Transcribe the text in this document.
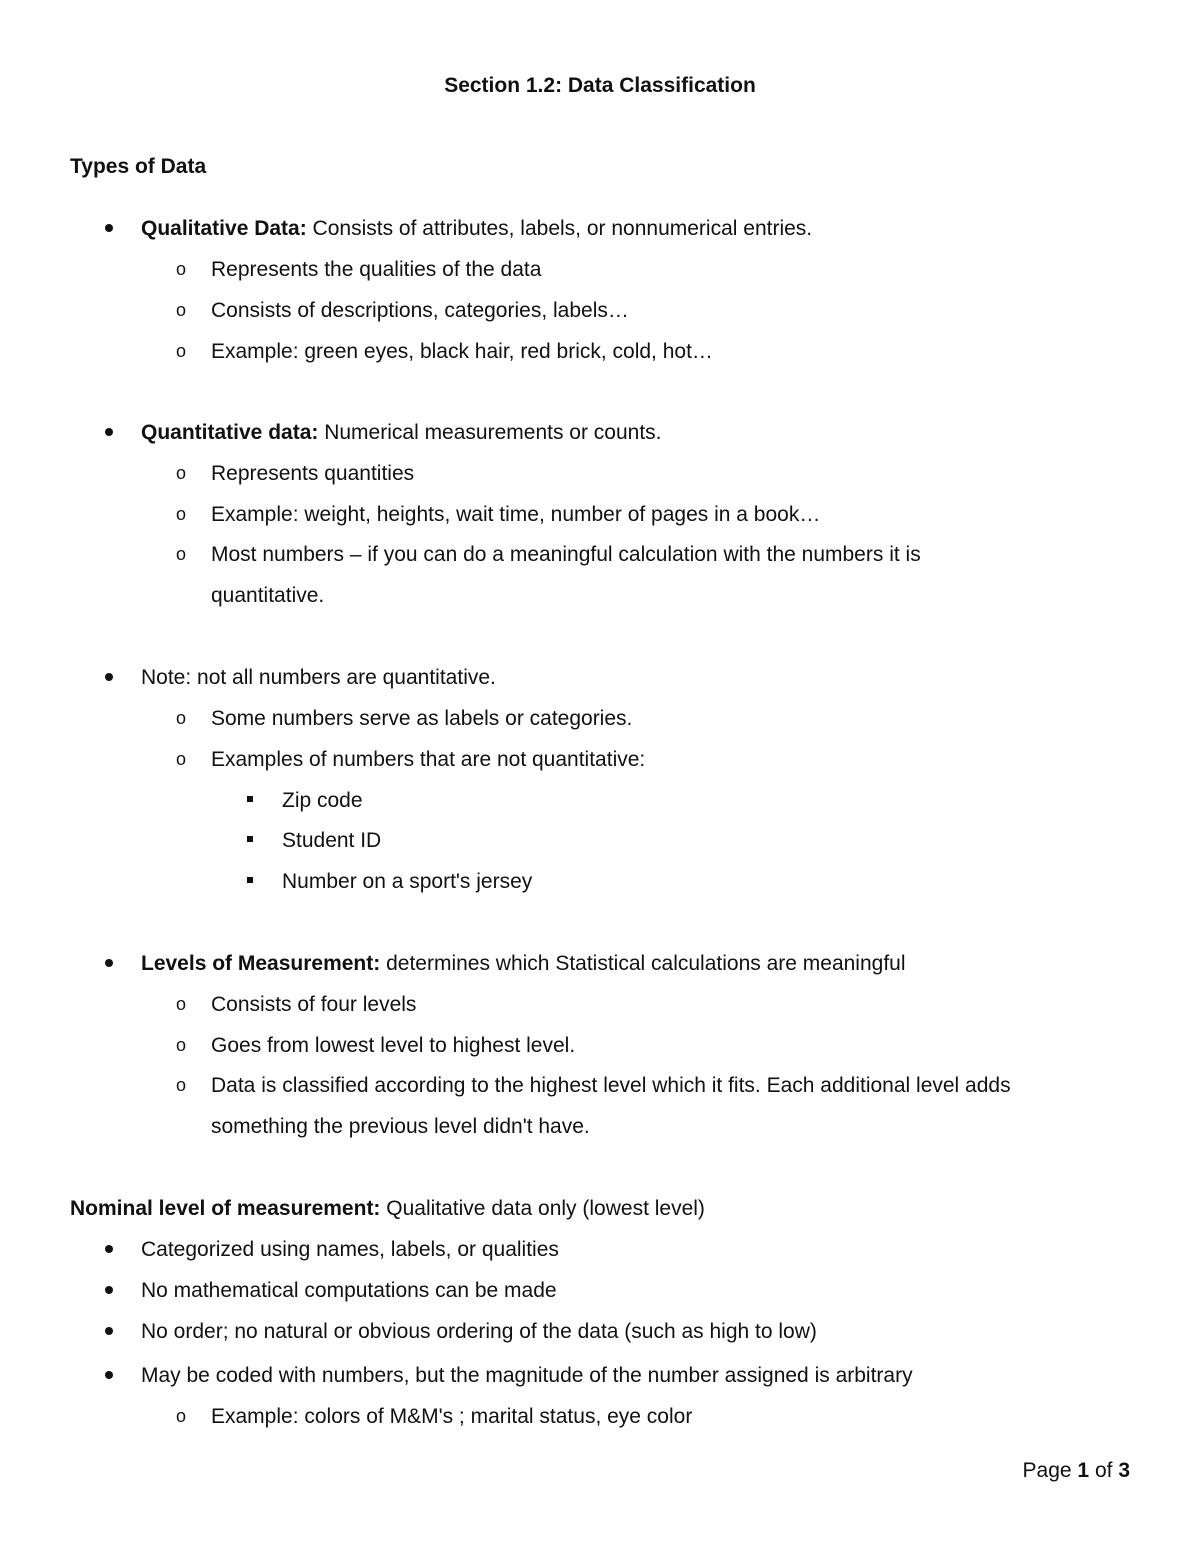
Section 1.2: Data Classification
Types of Data
Qualitative Data: Consists of attributes, labels, or nonnumerical entries.
o Represents the qualities of the data
o Consists of descriptions, categories, labels…
o Example: green eyes, black hair, red brick, cold, hot…
Quantitative data: Numerical measurements or counts.
o Represents quantities
o Example: weight, heights, wait time, number of pages in a book…
o Most numbers – if you can do a meaningful calculation with the numbers it is
quantitative.
Note: not all numbers are quantitative.
o Some numbers serve as labels or categories.
o Examples of numbers that are not quantitative:
Zip code
Student ID
Number on a sport's jersey
Levels of Measurement: determines which Statistical calculations are meaningful
o Consists of four levels
o Goes from lowest level to highest level.
o Data is classified according to the highest level which it fits. Each additional level adds
something the previous level didn't have.
Nominal level of measurement: Qualitative data only (lowest level)
Categorized using names, labels, or qualities
No mathematical computations can be made
No order; no natural or obvious ordering of the data (such as high to low)
May be coded with numbers, but the magnitude of the number assigned is arbitrary
o Example: colors of M&M's ; marital status, eye color
Page 1 of 3
